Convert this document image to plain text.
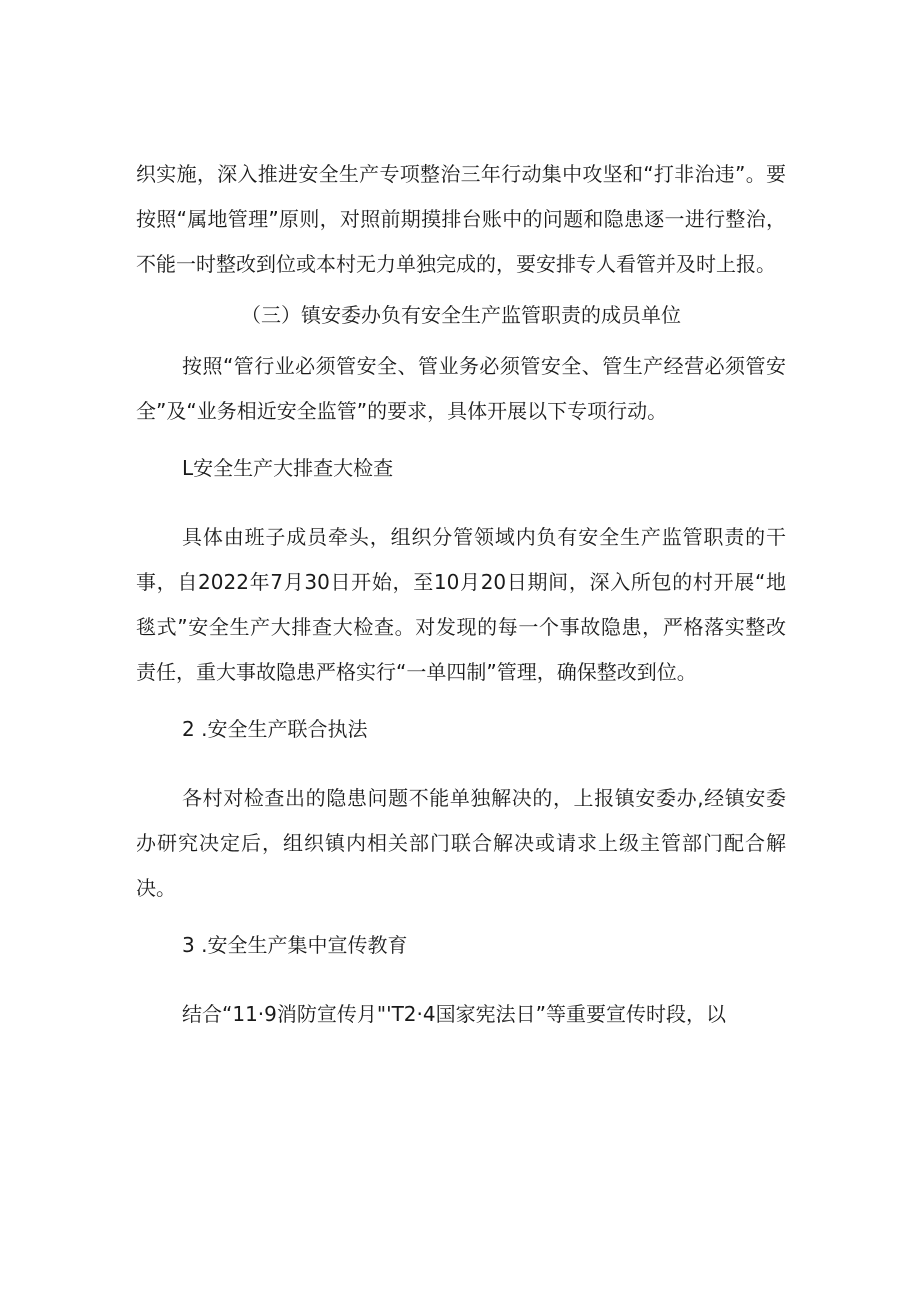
织实施，深入推进安全生产专项整治三年行动集中攻坚和“打非治违”。要按照“属地管理”原则，对照前期摸排台账中的问题和隐患逐一进行整治，不能一时整改到位或本村无力单独完成的，要安排专人看管并及时上报。

（三）镇安委办负有安全生产监管职责的成员单位

按照“管行业必须管安全、管业务必须管安全、管生产经营必须管安全”及“业务相近安全监管”的要求，具体开展以下专项行动。

L安全生产大排查大检查

具体由班子成员牵头，组织分管领域内负有安全生产监管职责的干事，自2022年7月30日开始，至10月20日期间，深入所包的村开展“地毯式”安全生产大排查大检查。对发现的每一个事故隐患，严格落实整改责任，重大事故隐患严格实行“一单四制”管理，确保整改到位。

2 .安全生产联合执法

各村对检查出的隐患问题不能单独解决的，上报镇安委办,经镇安委办研究决定后，组织镇内相关部门联合解决或请求上级主管部门配合解决。

3 .安全生产集中宣传教育

结合“11·9消防宣传月"'T2·4国家宪法日”等重要宣传时段，以
